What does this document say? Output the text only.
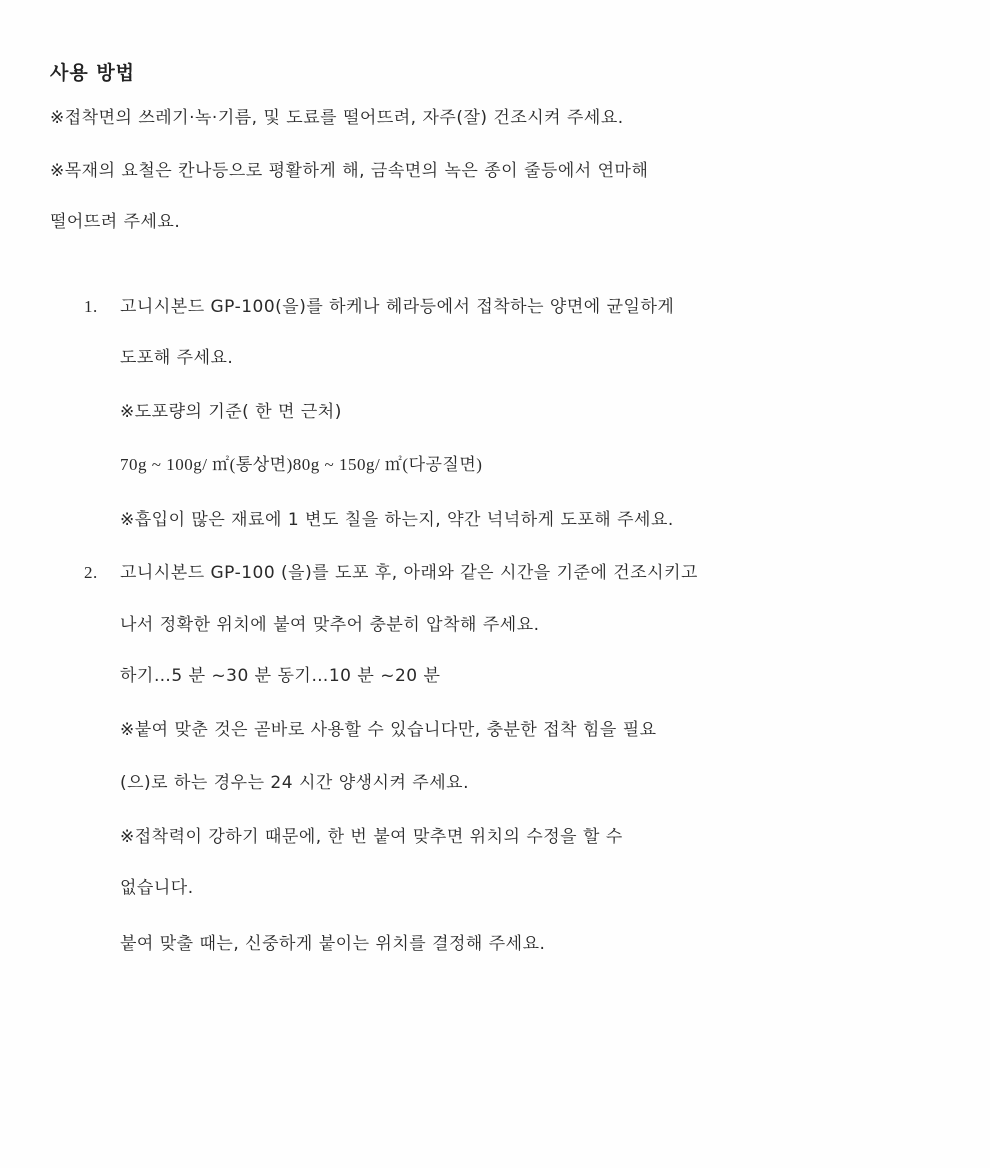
사용 방법
※접착면의 쓰레기·녹·기름, 및 도료를 떨어뜨려, 자주(잘) 건조시켜 주세요.
※목재의 요철은 칸나등으로 평활하게 해, 금속면의 녹은 종이 줄등에서 연마해
떨어뜨려 주세요.
1. 고니시본드 GP-100(을)를 하케나 헤라등에서 접착하는 양면에 균일하게
도포해 주세요.
※도포량의 기준( 한 면 근처)
70g ~ 100g/ ㎡(통상면)80g ~ 150g/ ㎡(다공질면)
※흡입이 많은 재료에 1 변도 칠을 하는지, 약간 넉넉하게 도포해 주세요.
2. 고니시본드 GP-100 (을)를 도포 후, 아래와 같은 시간을 기준에 건조시키고
나서 정확한 위치에 붙여 맞추어 충분히 압착해 주세요.
하기…5 분 ~30 분 동기…10 분 ~20 분
※붙여 맞춘 것은 곧바로 사용할 수 있습니다만, 충분한 접착 힘을 필요
(으)로 하는 경우는 24 시간 양생시켜 주세요.
※접착력이 강하기 때문에, 한 번 붙여 맞추면 위치의 수정을 할 수
없습니다.
붙여 맞출 때는, 신중하게 붙이는 위치를 결정해 주세요.
